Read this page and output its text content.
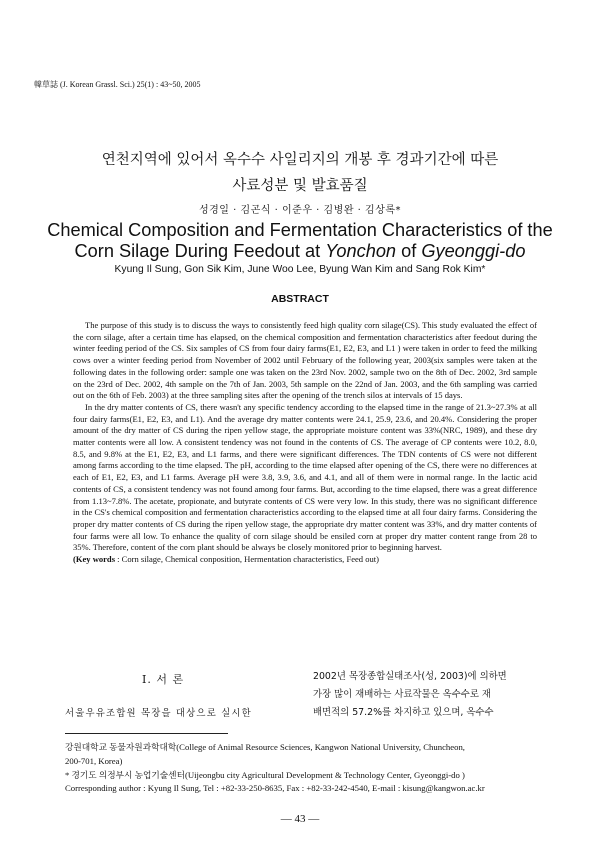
韓草誌 (J. Korean Grassl. Sci.) 25(1) : 43~50, 2005
연천지역에 있어서 옥수수 사일리지의 개봉 후 경과기간에 따른
사료성분 및 발효품질
성경일 · 김곤식 · 이준우 · 김병완 · 김상록*
Chemical Composition and Fermentation Characteristics of the
Corn Silage During Feedout at Yonchon of Gyeonggi-do
Kyung Il Sung, Gon Sik Kim, June Woo Lee, Byung Wan Kim and Sang Rok Kim*
ABSTRACT

The purpose of this study is to discuss the ways to consistently feed high quality corn silage(CS). This study evaluated the effect of the corn silage, after a certain time has elapsed, on the chemical composition and fermentation characteristics after feedout during the winter feeding period of the CS. Six samples of CS from four dairy farms(E1, E2, E3, and L1 ) were taken in order to feed the milking cows over a winter feeding period from November of 2002 until February of the following year, 2003(six samples were taken at the following dates in the following order: sample one was taken on the 23rd Nov. 2002, sample two on the 8th of Dec. 2002, 3rd sample on the 23rd of Dec. 2002, 4th sample on the 7th of Jan. 2003, 5th sample on the 22nd of Jan. 2003, and the 6th sampling was carried out on the 6th of Feb. 2003) at the three sampling sites after the opening of the trench silos at intervals of 15 days.

In the dry matter contents of CS, there wasn't any specific tendency according to the elapsed time in the range of 21.3~27.3% at all four dairy farms(E1, E2, E3, and L1). And the average dry matter contents were 24.1, 25.9, 23.6, and 20.4%. Considering the proper amount of the dry matter of CS during the ripen yellow stage, the appropriate moisture content was 33%(NRC, 1989), and these dry matter contents were all low. A consistent tendency was not found in the contents of CS. The average of CP contents were 10.2, 8.0, 8.5, and 9.8% at the E1, E2, E3, and L1 farms, and there were significant differences. The TDN contents of CS were not different among farms according to the time elapsed. The pH, according to the time elapsed after opening of the CS, there were no differences at each of E1, E2, E3, and L1 farms. Average pH were 3.8, 3.9, 3.6, and 4.1, and all of them were in normal range. In the lactic acid contents of CS, a consistent tendency was not found among four farms. But, according to the time elapsed, there was a great difference from 1.13~7.8%. The acetate, propionate, and butyrate contents of CS were very low. In this study, there was no significant difference in the CS's chemical composition and fermentation characteristics according to the elapsed time at all four dairy farms. Considering the proper dry matter contents of CS during the ripen yellow stage, the appropriate dry matter content was 33%, and dry matter contents of four farms were all low. To enhance the quality of corn silage should be ensiled corn at proper dry matter content range from 28 to 35%. Therefore, content of the corn plant should be always be closely monitored prior to beginning harvest.

(Key words : Corn silage, Chemical conposition, Hermentation characteristics, Feed out)
Ⅰ. 서 론
서울우유조합원 목장을 대상으로 실시한
2002년 목장종합실태조사(성, 2003)에 의하면
가장 많이 재배하는 사료작물은 옥수수로 재
배면적의 57.2%를 차지하고 있으며, 옥수수
강원대학교 동물자원과학대학(College of Animal Resource Sciences, Kangwon National University, Chuncheon,
200-701, Korea)
* 경기도 의정부시 농업기술센터(Uijeongbu city Agricultural Development & Technology Center, Gyeonggi-do )
Corresponding author : Kyung Il Sung, Tel : +82-33-250-8635, Fax : +82-33-242-4540, E-mail : kisung@kangwon.ac.kr
— 43 —
